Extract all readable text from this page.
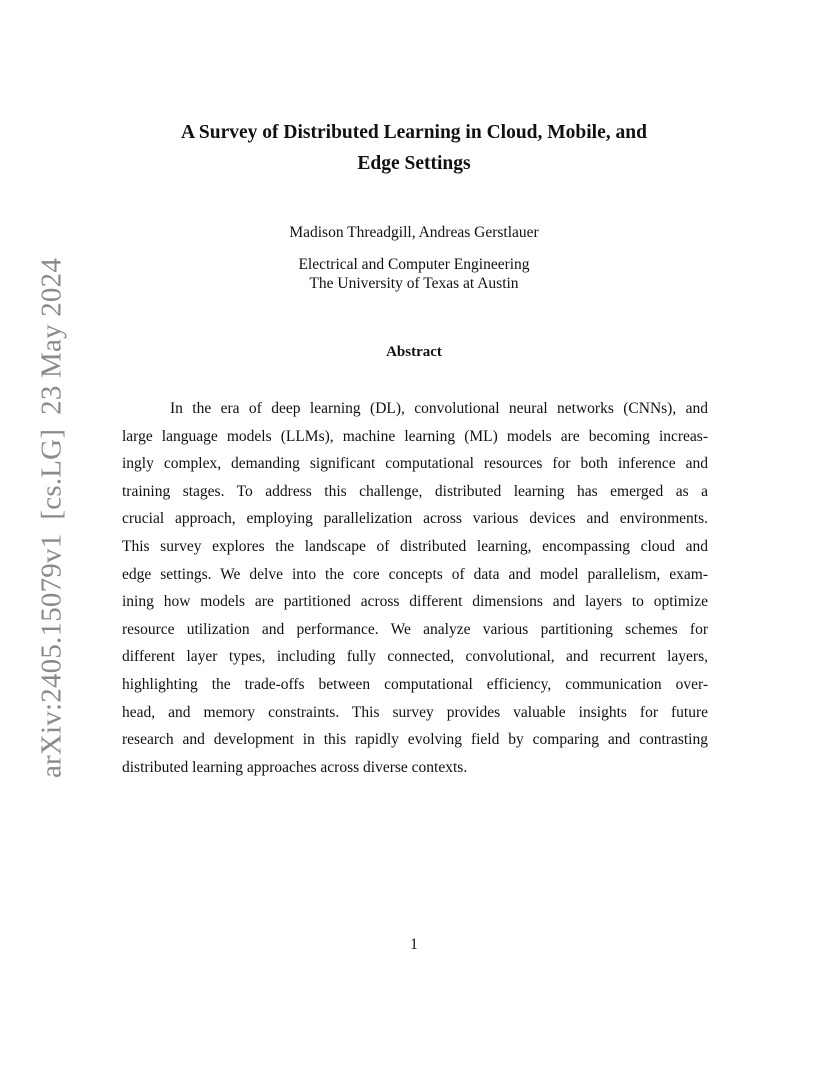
arXiv:2405.15079v1[cs.LG]23 May 2024
A Survey of Distributed Learning in Cloud, Mobile, and
Edge Settings

Madison Threadgill, Andreas Gerstlauer

Electrical and Computer Engineering
The University of Texas at Austin
Abstract
In the era of deep learning (DL), convolutional neural networks (CNNs), and
large language models (LLMs), machine learning (ML) models are becoming increas-
ingly complex, demanding significant computational resources for both inference and
training stages. To address this challenge, distributed learning has emerged as a
crucial approach, employing parallelization across various devices and environments.
This survey explores the landscape of distributed learning, encompassing cloud and
edge settings. We delve into the core concepts of data and model parallelism, exam-
ining how models are partitioned across different dimensions and layers to optimize
resource utilization and performance. We analyze various partitioning schemes for
different layer types, including fully connected, convolutional, and recurrent layers,
highlighting the trade-offs between computational efficiency, communication over-
head, and memory constraints. This survey provides valuable insights for future
research and development in this rapidly evolving field by comparing and contrasting
distributed learning approaches across diverse contexts.

1
